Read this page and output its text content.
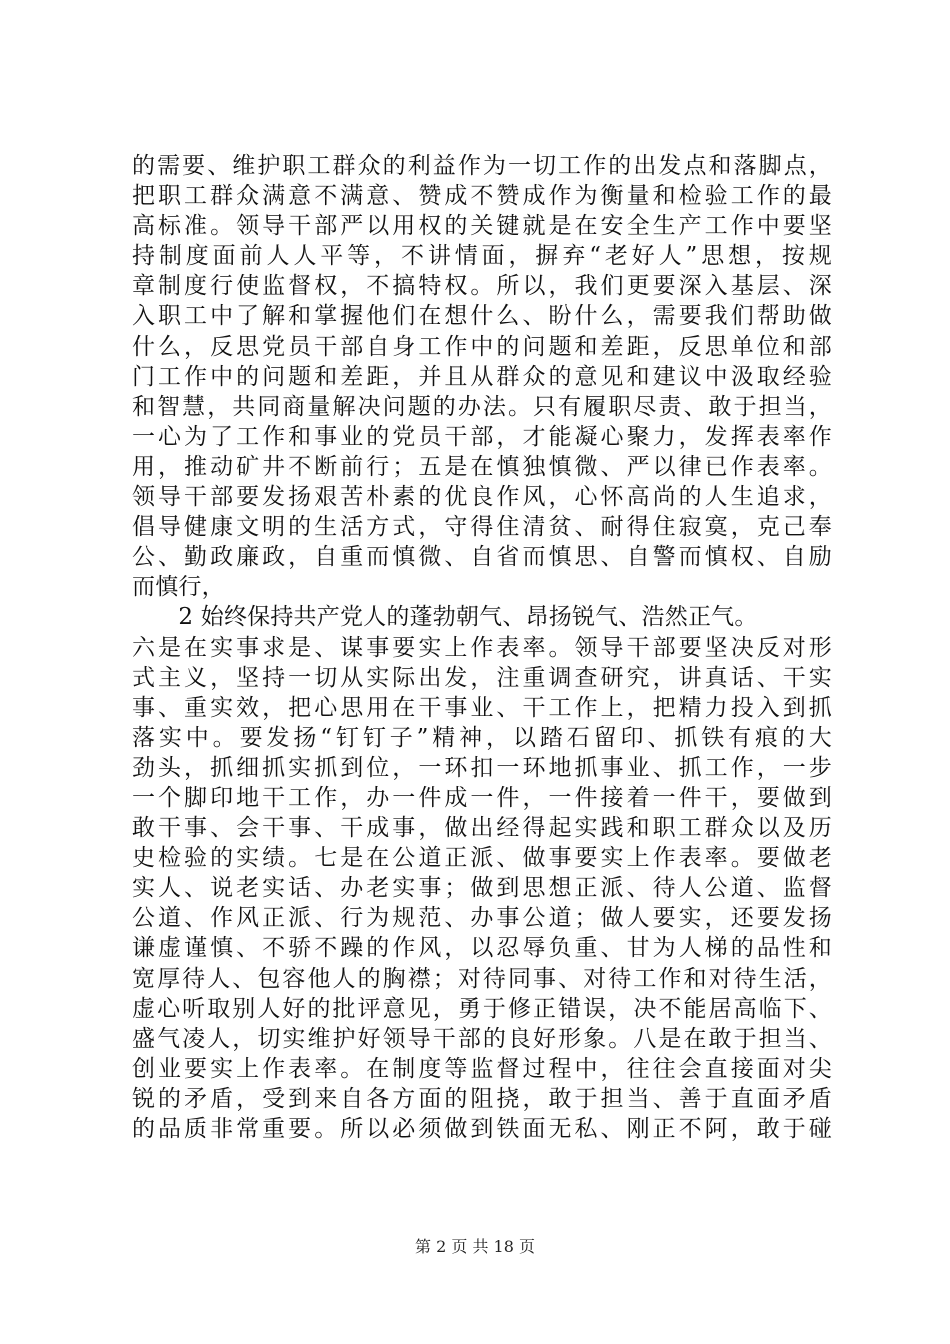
的需要、维护职工群众的利益作为一切工作的出发点和落脚点，
把职工群众满意不满意、赞成不赞成作为衡量和检验工作的最
高标准。领导干部严以用权的关键就是在安全生产工作中要坚
持制度面前人人平等，不讲情面，摒弃“老好人”思想，按规
章制度行使监督权，不搞特权。所以，我们更要深入基层、深
入职工中了解和掌握他们在想什么、盼什么，需要我们帮助做
什么，反思党员干部自身工作中的问题和差距，反思单位和部
门工作中的问题和差距，并且从群众的意见和建议中汲取经验
和智慧，共同商量解决问题的办法。只有履职尽责、敢于担当，
一心为了工作和事业的党员干部，才能凝心聚力，发挥表率作
用，推动矿井不断前行；五是在慎独慎微、严以律已作表率。
领导干部要发扬艰苦朴素的优良作风，心怀高尚的人生追求，
倡导健康文明的生活方式，守得住清贫、耐得住寂寞，克己奉
公、勤政廉政，自重而慎微、自省而慎思、自警而慎权、自励
而慎行，
　　2 始终保持共产党人的蓬勃朝气、昂扬锐气、浩然正气。
六是在实事求是、谋事要实上作表率。领导干部要坚决反对形
式主义，坚持一切从实际出发，注重调查研究，讲真话、干实
事、重实效，把心思用在干事业、干工作上，把精力投入到抓
落实中。要发扬“钉钉子”精神，以踏石留印、抓铁有痕的大
劲头，抓细抓实抓到位，一环扣一环地抓事业、抓工作，一步
一个脚印地干工作，办一件成一件，一件接着一件干，要做到
敢干事、会干事、干成事，做出经得起实践和职工群众以及历
史检验的实绩。七是在公道正派、做事要实上作表率。要做老
实人、说老实话、办老实事；做到思想正派、待人公道、监督
公道、作风正派、行为规范、办事公道；做人要实，还要发扬
谦虚谨慎、不骄不躁的作风，以忍辱负重、甘为人梯的品性和
宽厚待人、包容他人的胸襟；对待同事、对待工作和对待生活，
虚心听取别人好的批评意见，勇于修正错误，决不能居高临下、
盛气凌人，切实维护好领导干部的良好形象。八是在敢于担当、
创业要实上作表率。在制度等监督过程中，往往会直接面对尖
锐的矛盾，受到来自各方面的阻挠，敢于担当、善于直面矛盾
的品质非常重要。所以必须做到铁面无私、刚正不阿，敢于碰
第 2 页 共 18 页
